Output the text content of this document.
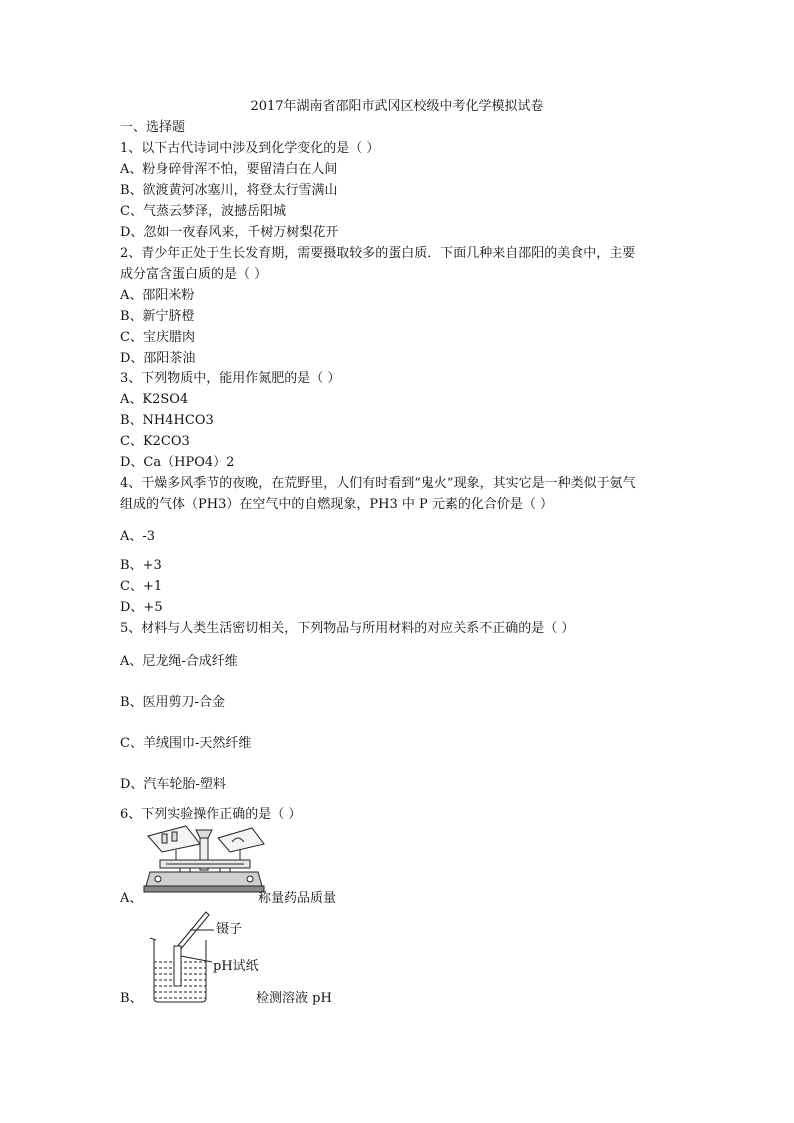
2017年湖南省邵阳市武冈区校级中考化学模拟试卷
一、选择题
1、以下古代诗词中涉及到化学变化的是（ ）
A、粉身碎骨浑不怕，要留清白在人间
B、欲渡黄河冰塞川，将登太行雪满山
C、气蒸云梦泽，波撼岳阳城
D、忽如一夜春风来，千树万树梨花开
2、青少年正处于生长发育期，需要摄取较多的蛋白质．下面几种来自邵阳的美食中，主要
成分富含蛋白质的是（ ）
A、邵阳米粉
B、新宁脐橙
C、宝庆腊肉
D、邵阳茶油
3、下列物质中，能用作氮肥的是（ ）
A、K2SO4
B、NH4HCO3
C、K2CO3
D、Ca（HPO4）2
4、干燥多风季节的夜晚，在荒野里，人们有时看到“鬼火”现象，其实它是一种类似于氨气
组成的气体（PH3）在空气中的自燃现象，PH3 中 P 元素的化合价是（ ）
A、-3
B、+3
C、+1
D、+5
5、材料与人类生活密切相关，下列物品与所用材料的对应关系不正确的是（ ）
A、尼龙绳-合成纤维
B、医用剪刀-合金
C、羊绒围巾-天然纤维
D、汽车轮胎-塑料
6、下列实验操作正确的是（ ）
A、	称量药品质量
镊子
pH试纸
B、	检测溶液 pH
